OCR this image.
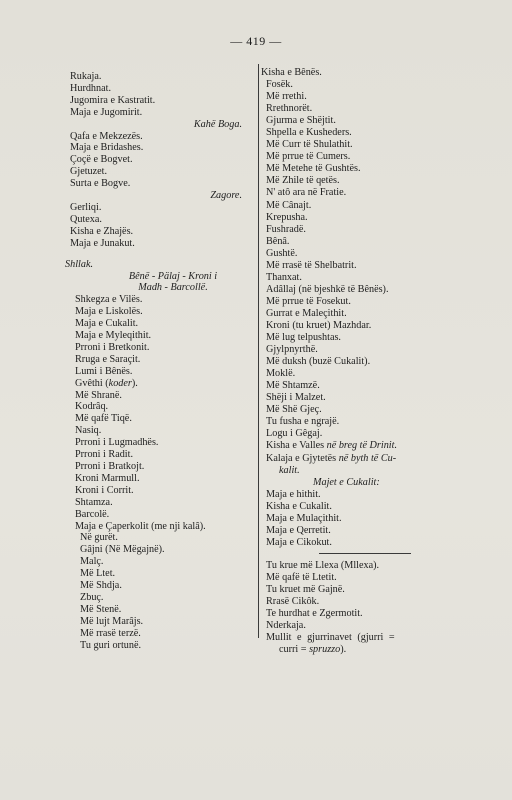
— 419 —
Rukaja.
Hurdhnat.
Jugomira e Kastratit.
Maja e Jugomirit.
Kahë Boga.
Qafa e Mekzezës.
Maja e Bridashes.
Çoçë e Bogvet.
Gjetuzet.
Surta e Bogve.
Zagore.
Gerliqi.
Qutexa.
Kisha e Zhajës.
Maja e Junakut.
Shllak.
Bênë - Pälaj - Kroni i
Madh - Barcollë.
Shkegza e Vilës.
Maja e Liskolës.
Maja e Cukalit.
Maja e Myleqithit.
Prroni i Bretkonit.
Rruga e Saraçit.
Lumi i Bênës.
Gvêthi (koder).
Më Shranë.
Kodrâq.
Më qafë Tiqë.
Nasiq.
Prroni i Lugmadhës.
Prroni i Radit.
Prroni i Bratkojt.
Kroni Marmull.
Kroni i Corrit.
Shtamza.
Barcolë.
Maja e Çaperkolit (me nji kalâ).
Në gurët.
Gâjni (Në Mëgajnë).
Malç.
Më Ltet.
Më Shdja.
Zbuç.
Më Stenë.
Më lujt Marâjs.
Më rrasë terzë.
Tu guri ortunë.
Kisha e Bênës.
Fosëk.
Më rrethi.
Rrethnorët.
Gjurma e Shëjtit.
Shpella e Kusheders.
Më Curr të Shulathit.
Më prrue të Cumers.
Më Metehe të Gushtës.
Më Zhile të qetës.
N' atô ara në Fratie.
Më Cânajt.
Krepusha.
Fushradë.
Bênâ.
Gushtë.
Më rrasë të Shelbatrit.
Thanxat.
Adâllaj (në bjeshkë të Bênës).
Më prrue të Fosekut.
Gurrat e Maleçithit.
Kroni (tu kruet) Mazhdar.
Më lug telpushtas.
Gjylpnyrthë.
Më duksh (buzë Cukalit).
Moklë.
Më Shtamzë.
Shëji i Malzet.
Më Shë Gjeç.
Tu fusha e ngrajë.
Logu i Gêgaj.
Kisha e Valles në breg të Drinit.
Kalaja e Gjytetës në byth të Cu-
kalit.
Majet e Cukalit:
Maja e hithit.
Kisha e Cukalit.
Maja e Mulaçithit.
Maja e Qerretit.
Maja e Cikokut.
Tu krue më Llexa (Mllexa).
Më qafë të Ltetit.
Tu kruet më Gajnë.
Rrasë Cikôk.
Te hurdhat e Zgermotit.
Nderkaja.
Mullit e gjurrinavet (gjurri =
curri = spruzzo).
